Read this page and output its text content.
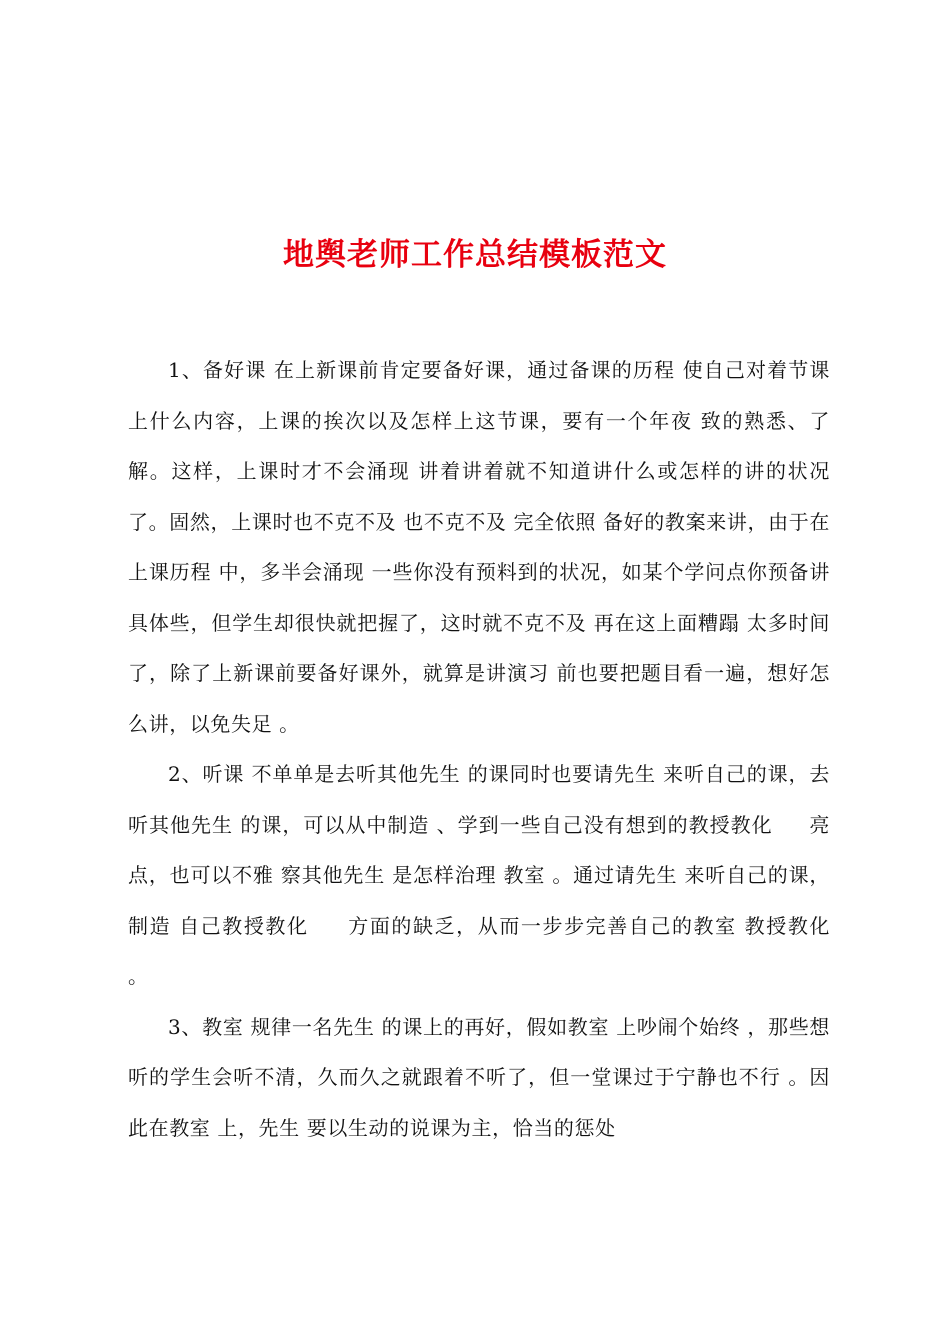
地舆老师工作总结模板范文

1、备好课 在上新课前肯定要备好课，通过备课的历程 使自己对着节课上什么内容，上课的挨次以及怎样上这节课，要有一个年夜 致的熟悉、了解。这样，上课时才不会涌现 讲着讲着就不知道讲什么或怎样的讲的状况了。固然，上课时也不克不及 也不克不及 完全依照 备好的教案来讲，由于在上课历程 中，多半会涌现 一些你没有预料到的状况，如某个学问点你预备讲具体些，但学生却很快就把握了，这时就不克不及 再在这上面糟蹋 太多时间了，除了上新课前要备好课外，就算是讲演习 前也要把题目看一遍，想好怎么讲，以免失足 。

2、听课 不单单是去听其他先生 的课同时也要请先生 来听自己的课，去听其他先生 的课，可以从中制造 、学到一些自己没有想到的教授教化     亮点，也可以不雅 察其他先生 是怎样治理 教室 。通过请先生 来听自己的课，制造 自己教授教化     方面的缺乏，从而一步步完善自己的教室 教授教化     。

3、教室 规律一名先生 的课上的再好，假如教室 上吵闹个始终 ，那些想听的学生会听不清，久而久之就跟着不听了，但一堂课过于宁静也不行 。因此在教室 上，先生 要以生动的说课为主，恰当的惩处
